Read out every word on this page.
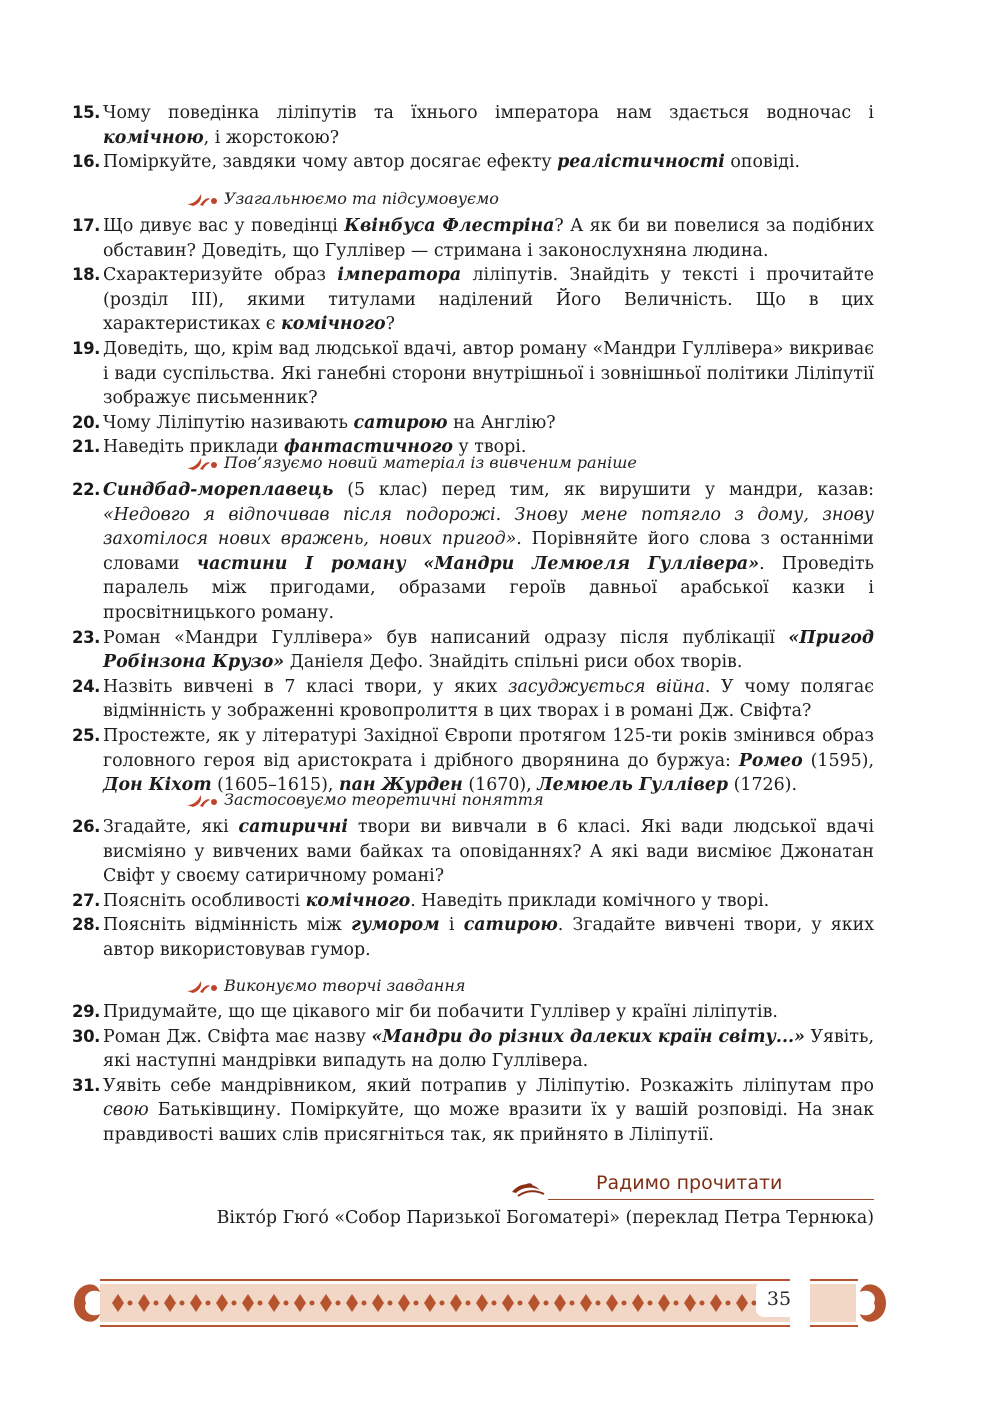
15. Чому поведінка ліліпутів та їхнього імператора нам здається водночас і комічною, і жорстокою?
16. Поміркуйте, завдяки чому автор досягає ефекту реалістичності оповіді.
Узагальнюємо та підсумовуємо
17. Що дивує вас у поведінці Квінбуса Флестріна? А як би ви повелися за подібних обставин? Доведіть, що Гуллівер — стримана і законослухняна людина.
18. Схарактеризуйте образ імператора ліліпутів. Знайдіть у тексті і прочитайте (розділ III), якими титулами наділений Його Величність. Що в цих характеристиках є комічного?
19. Доведіть, що, крім вад людської вдачі, автор роману «Мандри Гуллівера» викриває і вади суспільства. Які ганебні сторони внутрішньої і зовнішньої політики Ліліпутії зображує письменник?
20. Чому Ліліпутію називають сатирою на Англію?
21. Наведіть приклади фантастичного у творі.
Пов’язуємо новий матеріал із вивченим раніше
22. Синдбад-мореплавець (5 клас) перед тим, як вирушити у мандри, казав: «Недовго я відпочивав після подорожі. Знову мене потягло з дому, знову захотілося нових вражень, нових пригод». Порівняйте його слова з останніми словами частини I роману «Мандри Лемюеля Гуллівера». Проведіть паралель між пригодами, образами героїв давньої арабської казки і просвітницького роману.
23. Роман «Мандри Гуллівера» був написаний одразу після публікації «Пригод Робінзона Крузо» Даніеля Дефо. Знайдіть спільні риси обох творів.
24. Назвіть вивчені в 7 класі твори, у яких засуджується війна. У чому полягає відмінність у зображенні кровопролиття в цих творах і в романі Дж. Свіфта?
25. Простежте, як у літературі Західної Європи протягом 125-ти років змінився образ головного героя від аристократа і дрібного дворянина до буржуа: Ромео (1595), Дон Кіхот (1605–1615), пан Журден (1670), Лемюель Гуллівер (1726).
Застосовуємо теоретичні поняття
26. Згадайте, які сатиричні твори ви вивчали в 6 класі. Які вади людської вдачі висміяно у вивчених вами байках та оповіданнях? А які вади висміює Джонатан Свіфт у своєму сатиричному романі?
27. Поясніть особливості комічного. Наведіть приклади комічного у творі.
28. Поясніть відмінність між гумором і сатирою. Згадайте вивчені твори, у яких автор використовував гумор.
Виконуємо творчі завдання
29. Придумайте, що ще цікавого міг би побачити Гуллівер у країні ліліпутів.
30. Роман Дж. Свіфта має назву «Мандри до різних далеких країн світу...» Уявіть, які наступні мандрівки випадуть на долю Гуллівера.
31. Уявіть себе мандрівником, який потрапив у Ліліпутію. Розкажіть ліліпутам про свою Батьківщину. Поміркуйте, що може вразити їх у вашій розповіді. На знак правдивості ваших слів присягніться так, як прийнято в Ліліпутії.
Радимо прочитати
Віктóр Гюгó «Собор Паризької Богоматері» (переклад Петра Тернюка)
35
